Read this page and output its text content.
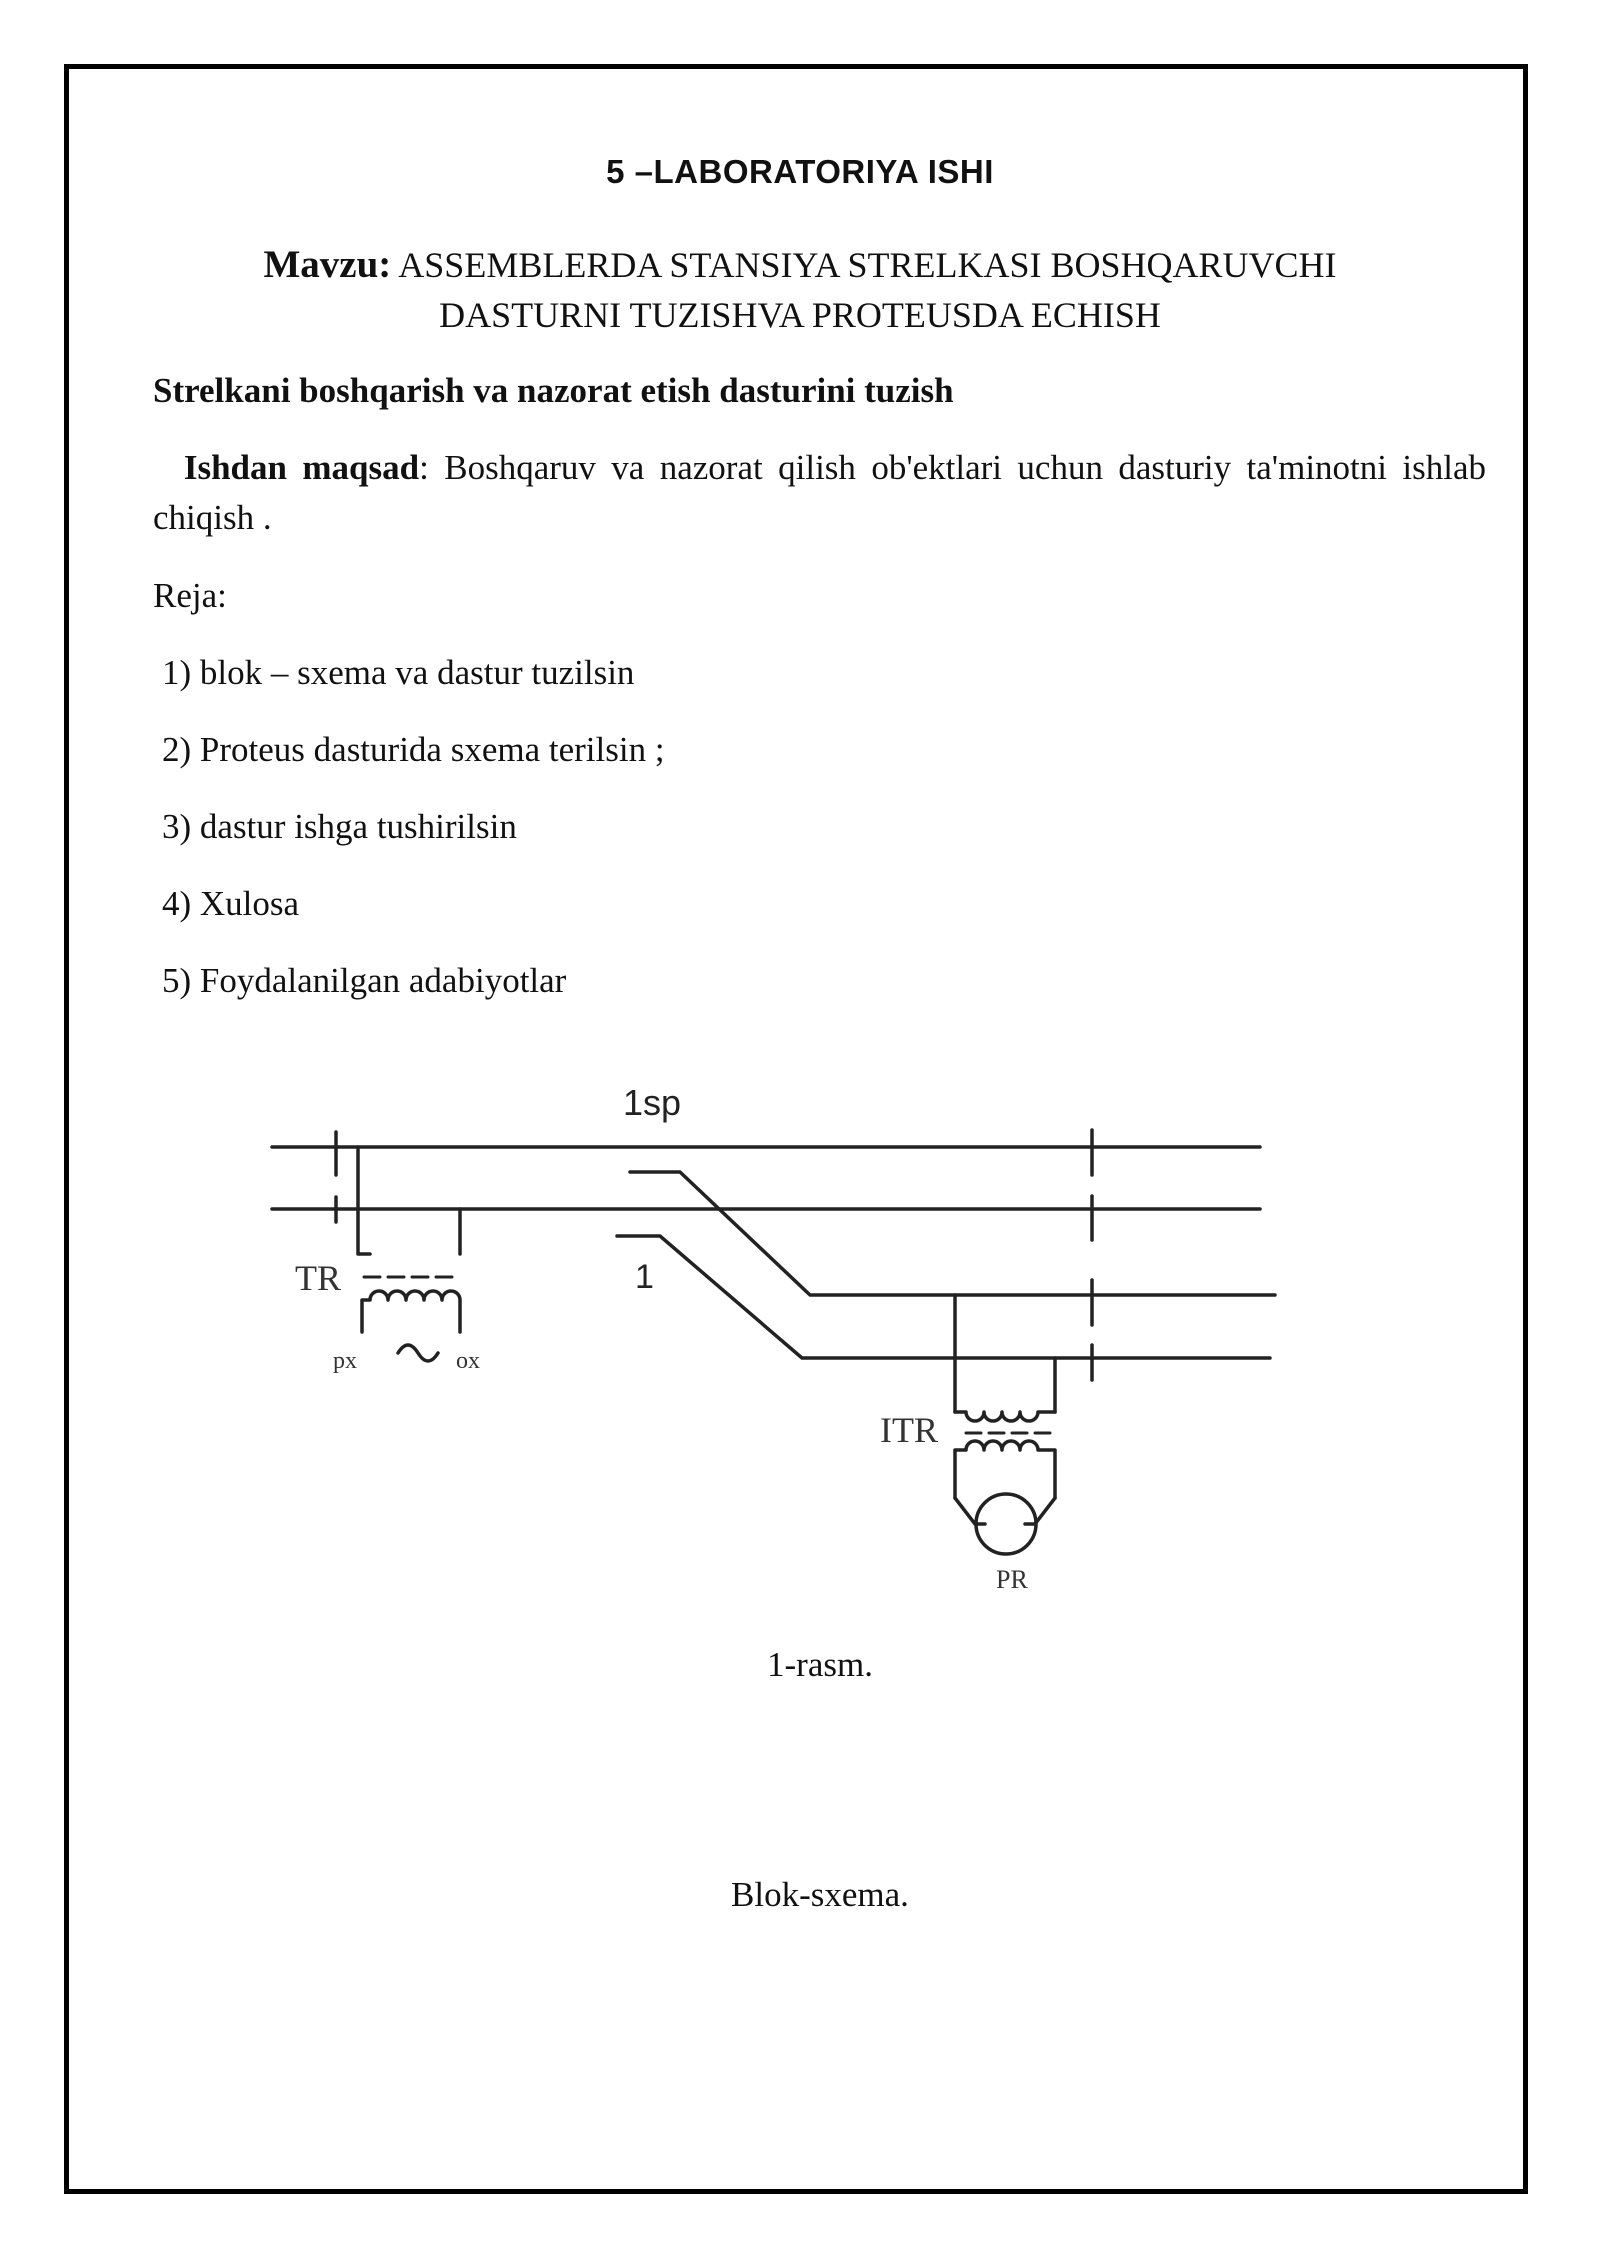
5 –LABORATORIYA ISHI
Mavzu: ASSEMBLERDA STANSIYA STRELKASI BOSHQARUVCHI
DASTURNI TUZISHVA PROTEUSDA ECHISH
Strelkani boshqarish va nazorat etish dasturini tuzish
Ishdan maqsad: Boshqaruv va nazorat qilish ob'ektlari uchun dasturiy ta'minotni ishlab chiqish .
Reja:
1) blok – sxema va dastur tuzilsin
2) Proteus dasturida sxema terilsin ;
3) dastur ishga tushirilsin
4) Xulosa
5) Foydalanilgan adabiyotlar
1sp
1
TR
px	ox
ITR
PR
1-rasm.
Blok-sxema.
